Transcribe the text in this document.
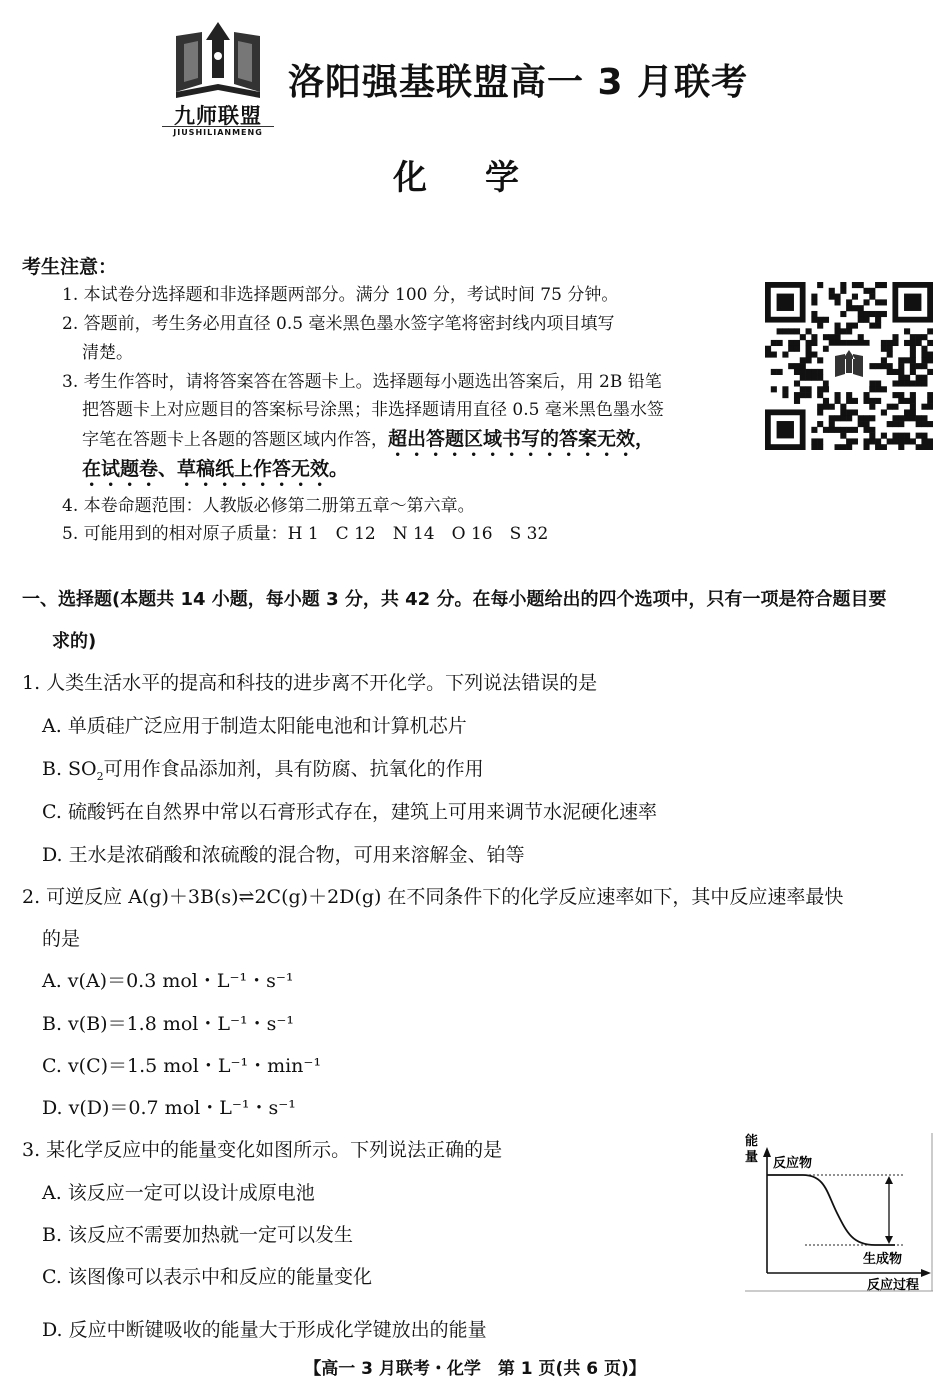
九师联盟
JIUSHILIANMENG
洛阳强基联盟高一 3 月联考
化学
考生注意：
1. 本试卷分选择题和非选择题两部分。满分 100 分，考试时间 75 分钟。
2. 答题前，考生务必用直径 0.5 毫米黑色墨水签字笔将密封线内项目填写
清楚。
3. 考生作答时，请将答案答在答题卡上。选择题每小题选出答案后，用 2B 铅笔
把答题卡上对应题目的答案标号涂黑；非选择题请用直径 0.5 毫米黑色墨水签
字笔在答题卡上各题的答题区域内作答，超出答题区域书写的答案无效，
在试题卷、草稿纸上作答无效。
4. 本卷命题范围：人教版必修第二册第五章～第六章。
5. 可能用到的相对原子质量：H 1　C 12　N 14　O 16　S 32
一、选择题(本题共 14 小题，每小题 3 分，共 42 分。在每小题给出的四个选项中，只有一项是符合题目要
求的)
1. 人类生活水平的提高和科技的进步离不开化学。下列说法错误的是
A. 单质硅广泛应用于制造太阳能电池和计算机芯片
B. $SO_2$可用作食品添加剂，具有防腐、抗氧化的作用
C. 硫酸钙在自然界中常以石膏形式存在，建筑上可用来调节水泥硬化速率
D. 王水是浓硝酸和浓硫酸的混合物，可用来溶解金、铂等
2. 可逆反应 A(g)＋3B(s)⇌2C(g)＋2D(g) 在不同条件下的化学反应速率如下，其中反应速率最快
的是
A. v(A)＝0.3 mol・L⁻¹・s⁻¹
B. v(B)＝1.8 mol・L⁻¹・s⁻¹
C. v(C)＝1.5 mol・L⁻¹・min⁻¹
D. v(D)＝0.7 mol・L⁻¹・s⁻¹
3. 某化学反应中的能量变化如图所示。下列说法正确的是
A. 该反应一定可以设计成原电池
B. 该反应不需要加热就一定可以发生
C. 该图像可以表示中和反应的能量变化
D. 反应中断键吸收的能量大于形成化学键放出的能量
能
量 反应物
生成物
反应过程
【高一 3 月联考・化学　第 1 页(共 6 页)】
